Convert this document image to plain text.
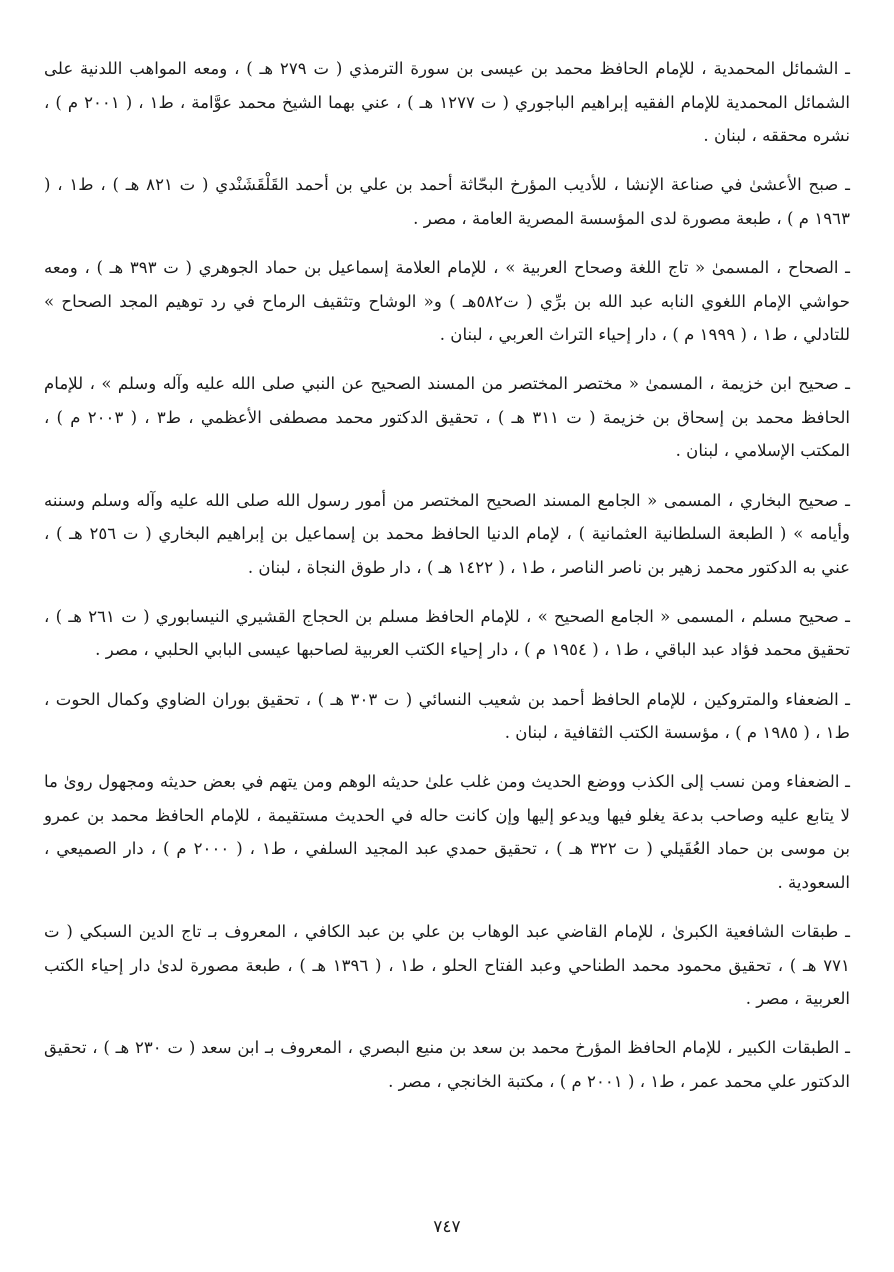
ـ الشمائل المحمدية ، للإمام الحافظ محمد بن عيسى بن سورة الترمذي ( ت ٢٧٩ هـ ) ، ومعه المواهب اللدنية على الشمائل المحمدية للإمام الفقيه إبراهيم الباجوري ( ت ١٢٧٧ هـ ) ، عني بهما الشيخ محمد عوَّامة ، ط١ ، ( ٢٠٠١ م ) ، نشره محققه ، لبنان .

ـ صبح الأعشىٰ في صناعة الإنشا ، للأديب المؤرخ البحّاثة أحمد بن علي بن أحمد القَلْقَشَنْدي ( ت ٨٢١ هـ ) ، ط١ ، ( ١٩٦٣ م ) ، طبعة مصورة لدى المؤسسة المصرية العامة ، مصر .

ـ الصحاح ، المسمىٰ « تاج اللغة وصحاح العربية » ، للإمام العلامة إسماعيل بن حماد الجوهري ( ت ٣٩٣ هـ ) ، ومعه حواشي الإمام اللغوي النابه عبد الله بن برِّي ( ت٥٨٢هـ ) و« الوشاح وتثقيف الرماح في رد توهيم المجد الصحاح » للتادلي ، ط١ ، ( ١٩٩٩ م ) ، دار إحياء التراث العربي ، لبنان .

ـ صحيح ابن خزيمة ، المسمىٰ « مختصر المختصر من المسند الصحيح عن النبي صلى الله عليه وآله وسلم » ، للإمام الحافظ محمد بن إسحاق بن خزيمة ( ت ٣١١ هـ ) ، تحقيق الدكتور محمد مصطفى الأعظمي ، ط٣ ، ( ٢٠٠٣ م ) ، المكتب الإسلامي ، لبنان .

ـ صحيح البخاري ، المسمى « الجامع المسند الصحيح المختصر من أمور رسول الله صلى الله عليه وآله وسلم وسننه وأيامه » ( الطبعة السلطانية العثمانية ) ، لإمام الدنيا الحافظ محمد بن إسماعيل بن إبراهيم البخاري ( ت ٢٥٦ هـ ) ، عني به الدكتور محمد زهير بن ناصر الناصر ، ط١ ، ( ١٤٢٢ هـ ) ، دار طوق النجاة ، لبنان .

ـ صحيح مسلم ، المسمى « الجامع الصحيح » ، للإمام الحافظ مسلم بن الحجاج القشيري النيسابوري ( ت ٢٦١ هـ ) ، تحقيق محمد فؤاد عبد الباقي ، ط١ ، ( ١٩٥٤ م ) ، دار إحياء الكتب العربية لصاحبها عيسى البابي الحلبي ، مصر .

ـ الضعفاء والمتروكين ، للإمام الحافظ أحمد بن شعيب النسائي ( ت ٣٠٣ هـ ) ، تحقيق بوران الضاوي وكمال الحوت ، ط١ ، ( ١٩٨٥ م ) ، مؤسسة الكتب الثقافية ، لبنان .

ـ الضعفاء ومن نسب إلى الكذب ووضع الحديث ومن غلب علىٰ حديثه الوهم ومن يتهم في بعض حديثه ومجهول روىٰ ما لا يتابع عليه وصاحب بدعة يغلو فيها ويدعو إليها وإن كانت حاله في الحديث مستقيمة ، للإمام الحافظ محمد بن عمرو بن موسى بن حماد العُقَيلي ( ت ٣٢٢ هـ ) ، تحقيق حمدي عبد المجيد السلفي ، ط١ ، ( ٢٠٠٠ م ) ، دار الصميعي ، السعودية .

ـ طبقات الشافعية الكبرىٰ ، للإمام القاضي عبد الوهاب بن علي بن عبد الكافي ، المعروف بـ تاج الدين السبكي ( ت ٧٧١ هـ ) ، تحقيق محمود محمد الطناحي وعبد الفتاح الحلو ، ط١ ، ( ١٣٩٦ هـ ) ، طبعة مصورة لدىٰ دار إحياء الكتب العربية ، مصر .

ـ الطبقات الكبير ، للإمام الحافظ المؤرخ محمد بن سعد بن منيع البصري ، المعروف بـ ابن سعد ( ت ٢٣٠ هـ ) ، تحقيق الدكتور علي محمد عمر ، ط١ ، ( ٢٠٠١ م ) ، مكتبة الخانجي ، مصر .

٧٤٧
